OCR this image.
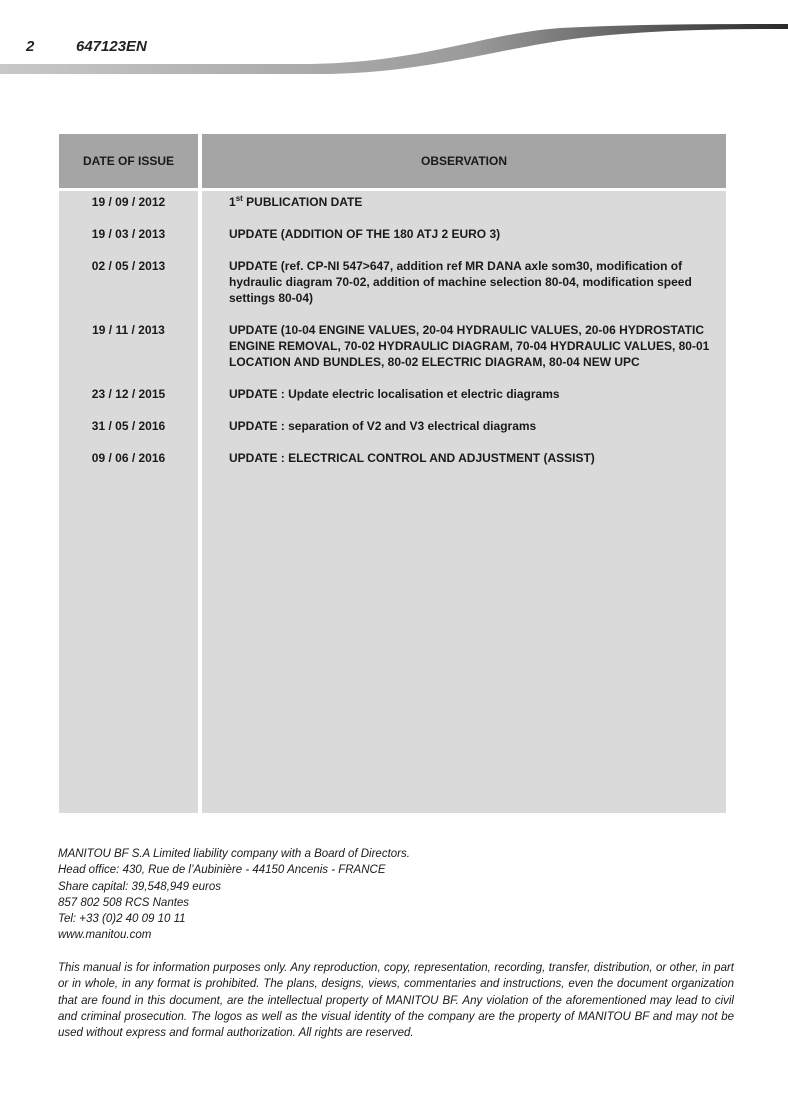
2	647123EN
DATE OF ISSUE	OBSERVATION
19 / 09 / 2012	1st PUBLICATION DATE
19 / 03 / 2013	UPDATE (ADDITION OF THE 180 ATJ 2 EURO 3)
02 / 05 / 2013	UPDATE (ref. CP-NI 547>647, addition ref MR DANA axle som30, modification of hydraulic diagram 70-02, addition of machine selection 80-04, modification speed settings 80-04)
19 / 11 / 2013	UPDATE (10-04 ENGINE VALUES, 20-04 HYDRAULIC VALUES, 20-06 HYDROSTATIC ENGINE REMOVAL, 70-02 HYDRAULIC DIAGRAM, 70-04 HYDRAULIC VALUES, 80-01 LOCATION AND BUNDLES, 80-02 ELECTRIC DIAGRAM, 80-04 NEW UPC
23 / 12 / 2015	UPDATE : Update electric localisation et electric diagrams
31 / 05 / 2016	UPDATE : separation of V2 and V3 electrical diagrams
09 / 06 / 2016	UPDATE : ELECTRICAL CONTROL AND ADJUSTMENT (ASSIST)
MANITOU BF S.A Limited liability company with a Board of Directors.
Head office: 430, Rue de l’Aubinière - 44150 Ancenis - FRANCE
Share capital: 39,548,949 euros
857 802 508 RCS Nantes
Tel: +33 (0)2 40 09 10 11
www.manitou.com
This manual is for information purposes only. Any reproduction, copy, representation, recording, transfer, distribution, or other, in part or in whole, in any format is prohibited. The plans, designs, views, commentaries and instructions, even the document organization that are found in this document, are the intellectual property of MANITOU BF. Any violation of the aforementioned may lead to civil and criminal prosecution. The logos as well as the visual identity of the company are the property of MANITOU BF and may not be used without express and formal authorization. All rights are reserved.
